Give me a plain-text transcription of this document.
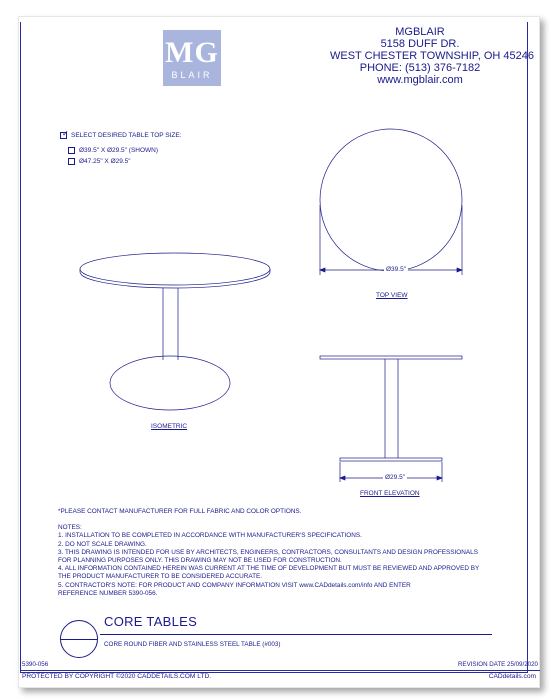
MG
BLAIR
MGBLAIR
5158 DUFF DR.
WEST CHESTER TOWNSHIP, OH 45246
PHONE: (513) 376-7182
www.mgblair.com
✓ SELECT DESIRED TABLE TOP SIZE:
Ø39.5" X Ø29.5" (SHOWN)
Ø47.25" X Ø29.5"
Ø39.5"
Ø29.5"
ISOMETRIC
TOP VIEW
FRONT ELEVATION
*PLEASE CONTACT MANUFACTURER FOR FULL FABRIC AND COLOR OPTIONS.
NOTES:
1. INSTALLATION TO BE COMPLETED IN ACCORDANCE WITH MANUFACTURER'S SPECIFICATIONS.
2. DO NOT SCALE DRAWING.
3. THIS DRAWING IS INTENDED FOR USE BY ARCHITECTS, ENGINEERS, CONTRACTORS, CONSULTANTS AND DESIGN PROFESSIONALS
FOR PLANNING PURPOSES ONLY. THIS DRAWING MAY NOT BE USED FOR CONSTRUCTION.
4. ALL INFORMATION CONTAINED HEREIN WAS CURRENT AT THE TIME OF DEVELOPMENT BUT MUST BE REVIEWED AND APPROVED BY
THE PRODUCT MANUFACTURER TO BE CONSIDERED ACCURATE.
5. CONTRACTOR'S NOTE: FOR PRODUCT AND COMPANY INFORMATION VISIT www.CADdetails.com/info AND ENTER
REFERENCE NUMBER 5390-056.
CORE TABLES
CORE ROUND FIBER AND STAINLESS STEEL TABLE (#003)
5390-056	REVISION DATE 25/09/2020
PROTECTED BY COPYRIGHT ©2020 CADDETAILS.COM LTD.	CADdetails.com
